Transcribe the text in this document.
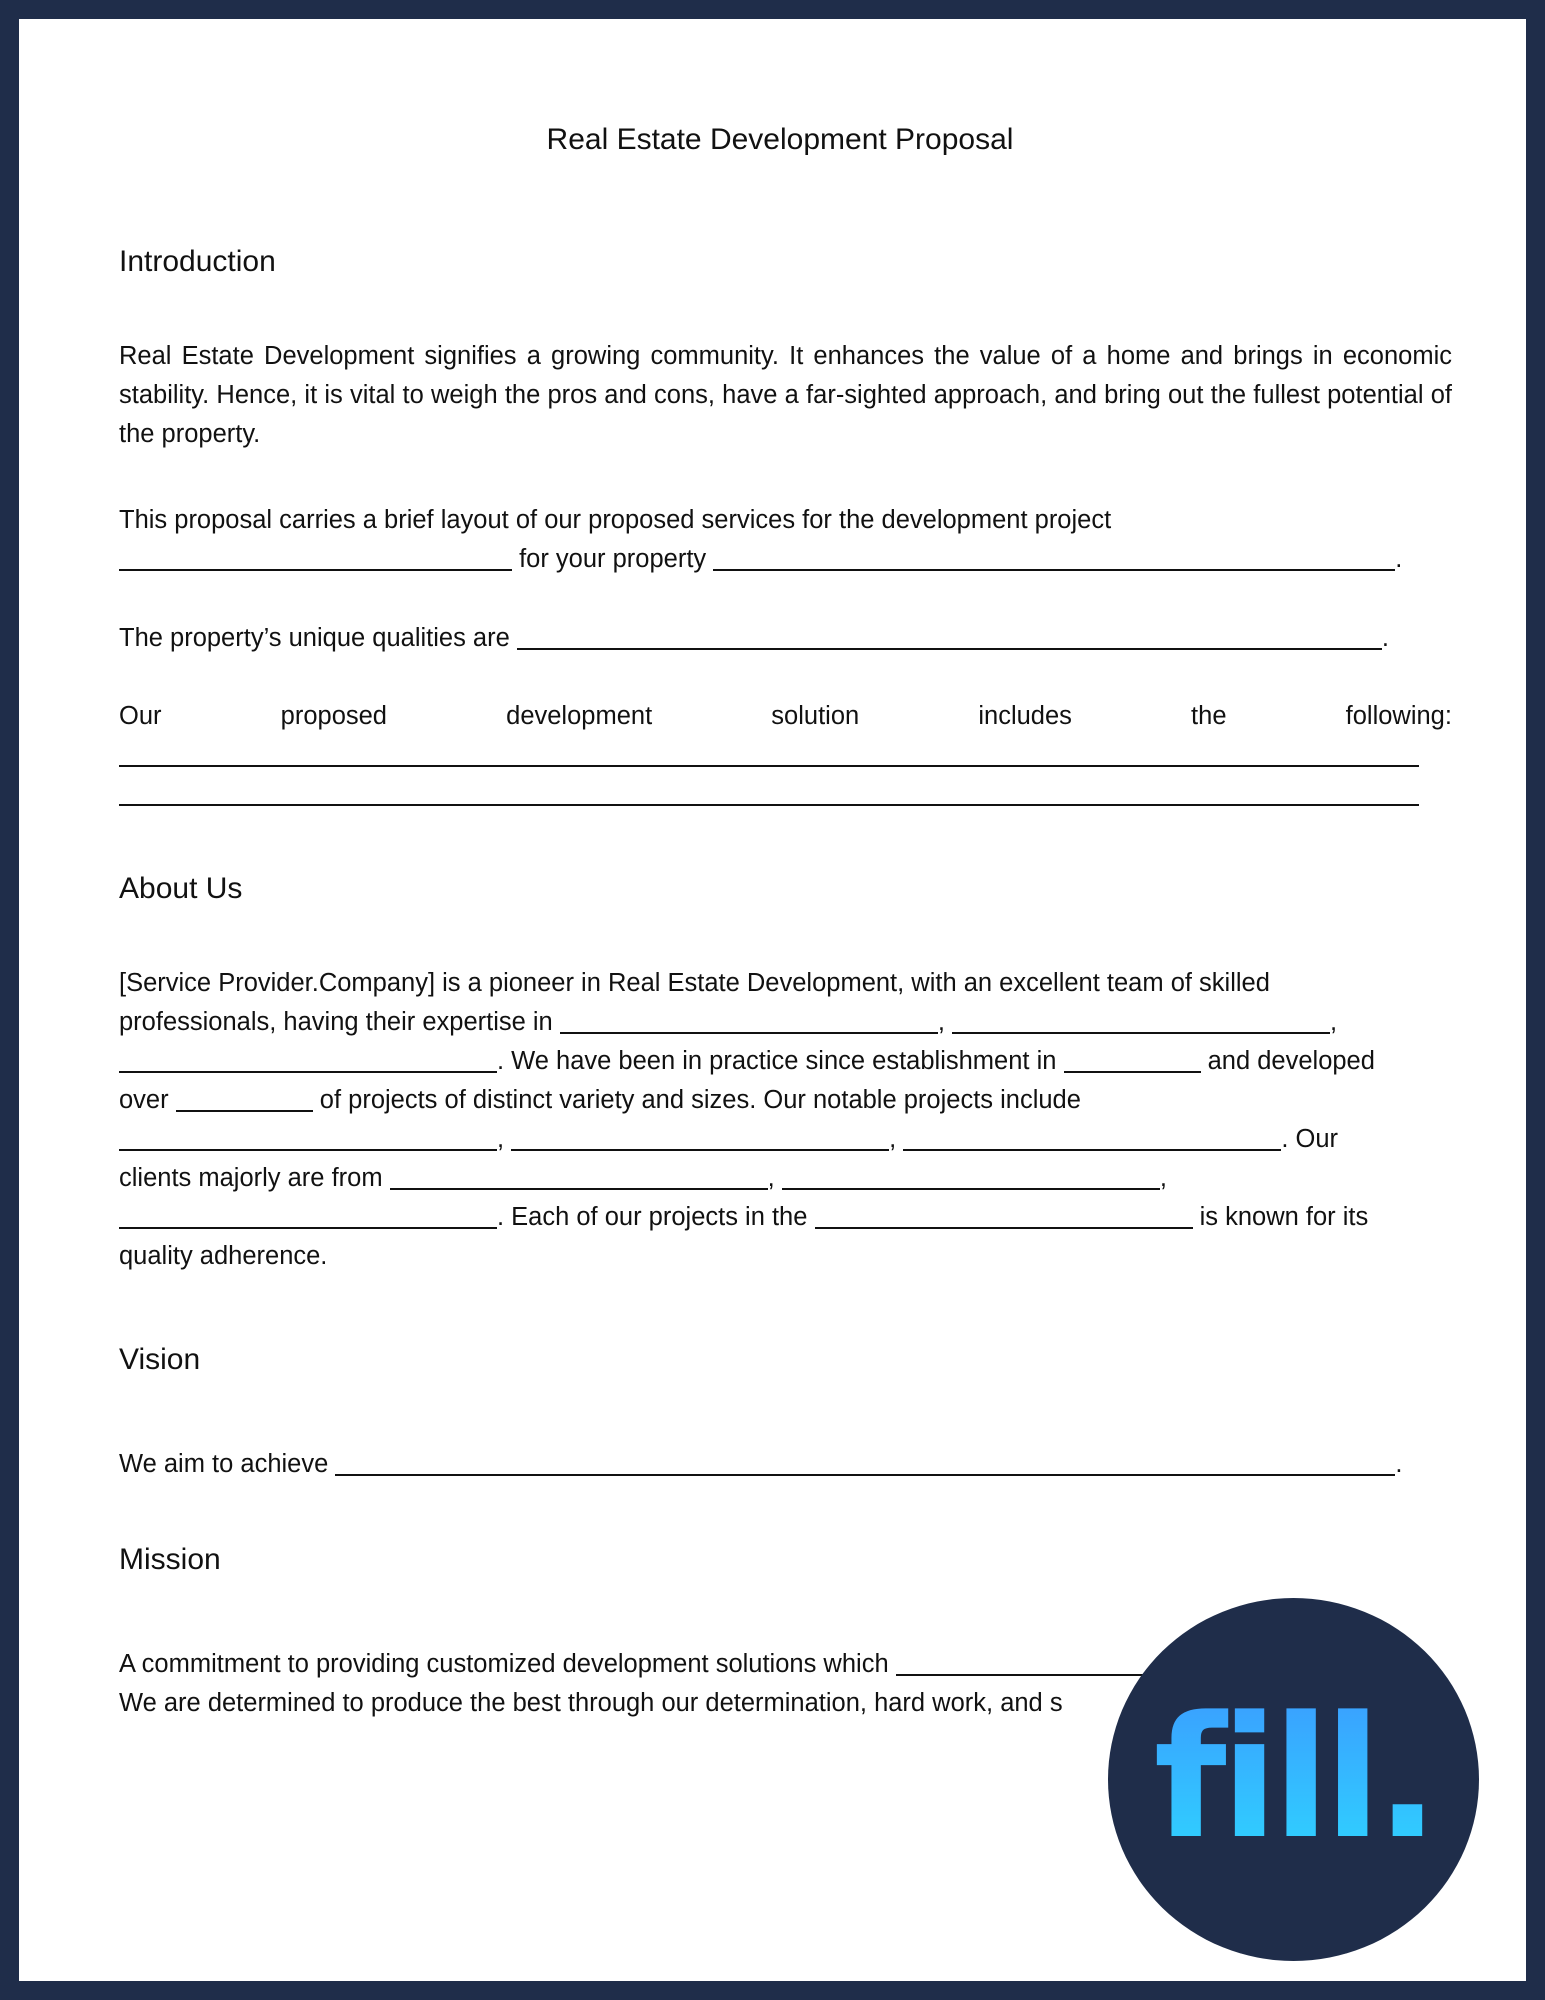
Real Estate Development Proposal
Introduction

Real Estate Development signifies a growing community. It enhances the value of a home and brings in economic stability. Hence, it is vital to weigh the pros and cons, have a far-sighted approach, and bring out the fullest potential of the property.

This proposal carries a brief layout of our proposed services for the development project
for your property	.
The property’s unique qualities are	.
Our	proposed	development	solution	includes	the	following:
About Us
[Service Provider.Company] is a pioneer in Real Estate Development, with an excellent team of skilled
professionals, having their expertise in	,	,
. We have been in practice since establishment in	and developed
over	of projects of distinct variety and sizes. Our notable projects include
,	,	. Our
clients majorly are from	,	,
. Each of our projects in the	is known for its
quality adherence.
Vision
We aim to achieve	.
Mission
A commitment to providing customized development solutions which
We are determined to produce the best through our determination, hard work, and s fill.
